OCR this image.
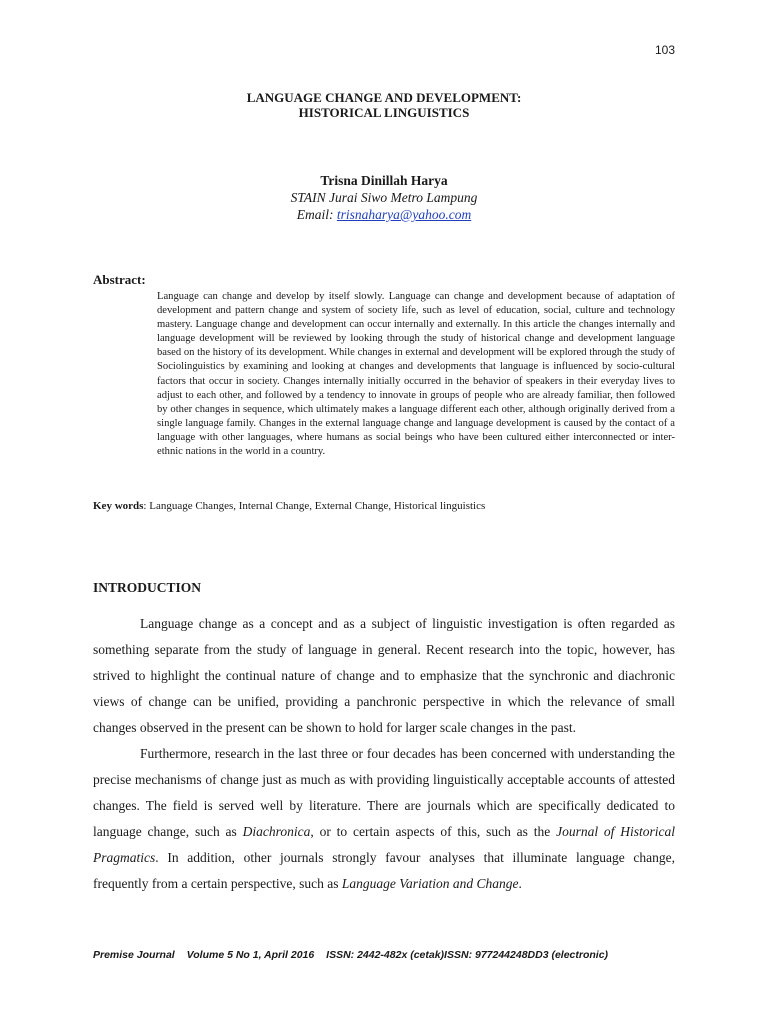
103
LANGUAGE CHANGE AND DEVELOPMENT:
HISTORICAL LINGUISTICS
Trisna Dinillah Harya
STAIN Jurai Siwo Metro Lampung
Email: trisnaharya@yahoo.com
Abstract:
Language can change and develop by itself slowly. Language can change and development because of adaptation of development and pattern change and system of society life, such as level of education, social, culture and technology mastery. Language change and development can occur internally and externally. In this article the changes internally and language development will be reviewed by looking through the study of historical change and development language based on the history of its development. While changes in external and development will be explored through the study of Sociolinguistics by examining and looking at changes and developments that language is influenced by socio-cultural factors that occur in society. Changes internally initially occurred in the behavior of speakers in their everyday lives to adjust to each other, and followed by a tendency to innovate in groups of people who are already familiar, then followed by other changes in sequence, which ultimately makes a language different each other, although originally derived from a single language family. Changes in the external language change and language development is caused by the contact of a language with other languages, where humans as social beings who have been cultured either interconnected or inter-ethnic nations in the world in a country.
Key words: Language Changes, Internal Change, External Change, Historical linguistics
INTRODUCTION

Language change as a concept and as a subject of linguistic investigation is often regarded as something separate from the study of language in general. Recent research into the topic, however, has strived to highlight the continual nature of change and to emphasize that the synchronic and diachronic views of change can be unified, providing a panchronic perspective in which the relevance of small changes observed in the present can be shown to hold for larger scale changes in the past.

Furthermore, research in the last three or four decades has been concerned with understanding the precise mechanisms of change just as much as with providing linguistically acceptable accounts of attested changes. The field is served well by literature. There are journals which are specifically dedicated to language change, such as Diachronica, or to certain aspects of this, such as the Journal of Historical Pragmatics. In addition, other journals strongly favour analyses that illuminate language change, frequently from a certain perspective, such as Language Variation and Change.

Premise Journal Volume 5 No 1, April 2016 ISSN: 2442-482x (cetak)ISSN: 977244248DD3 (electronic)
